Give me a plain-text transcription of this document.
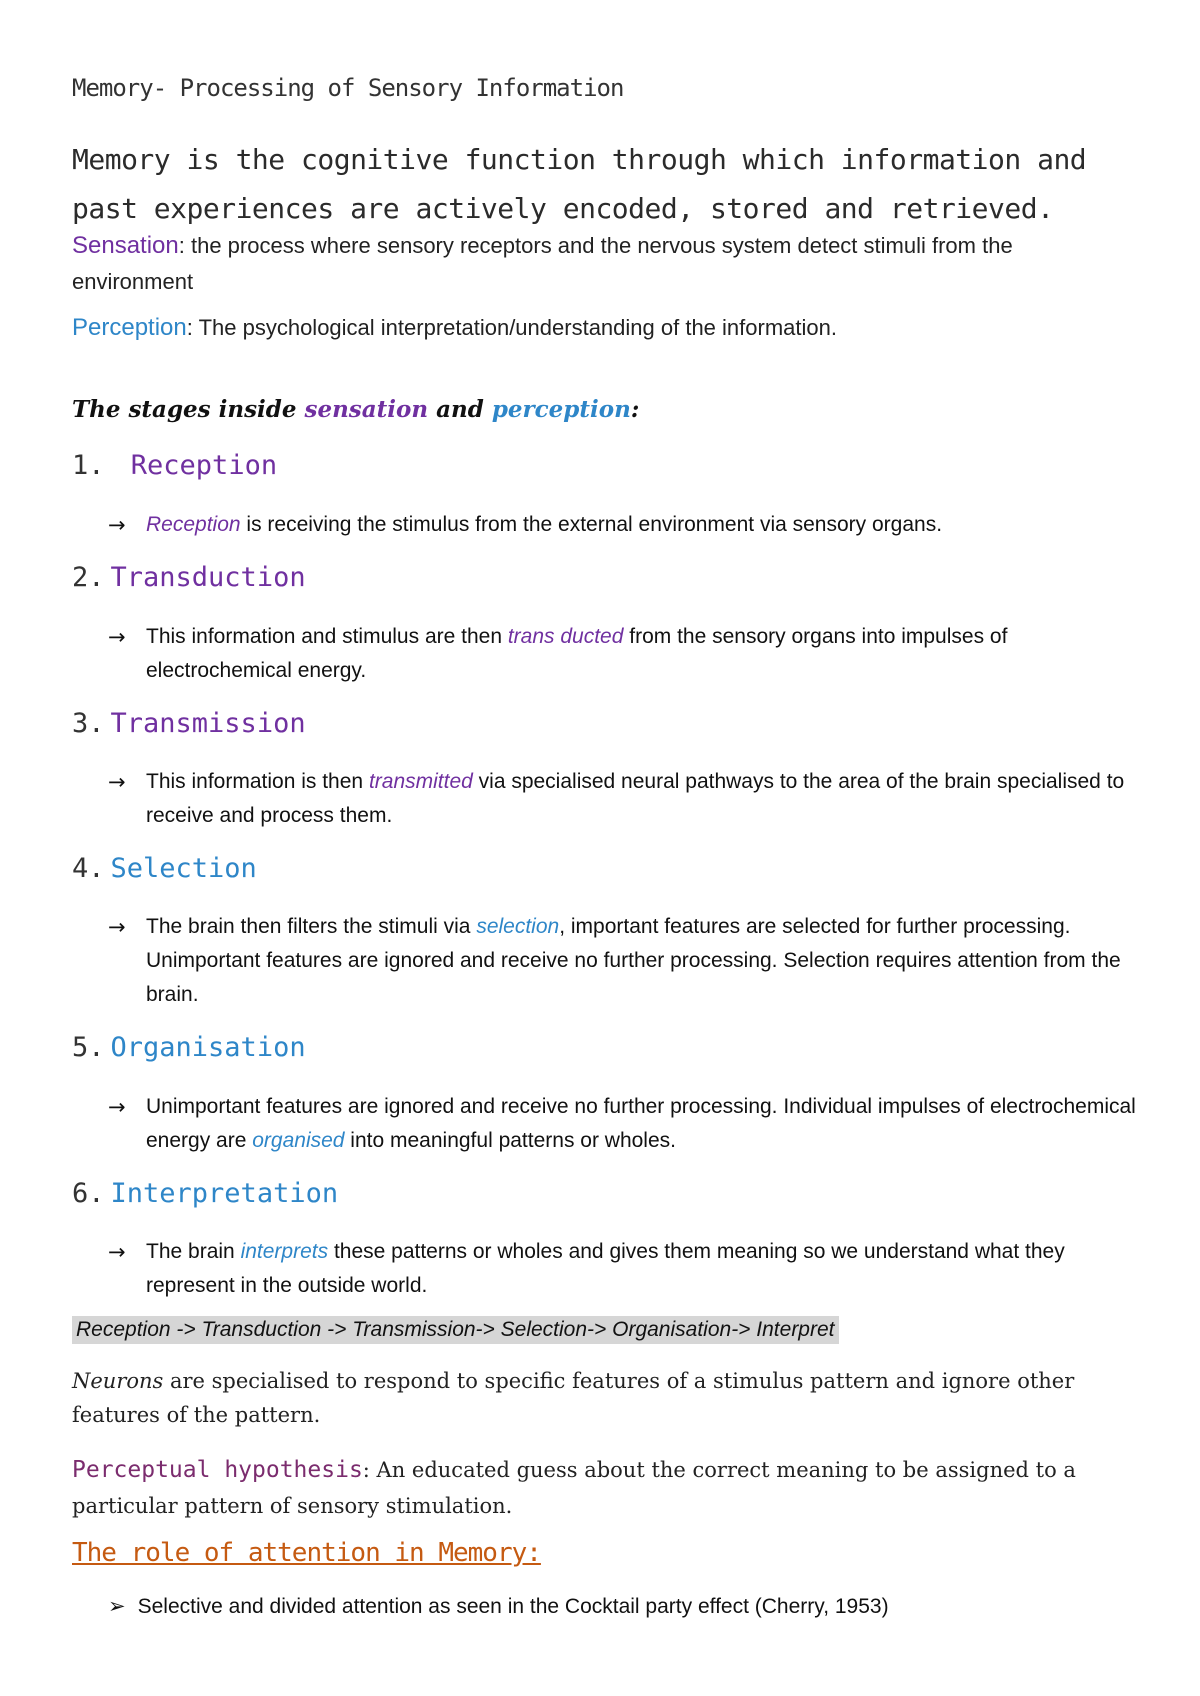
Memory- Processing of Sensory Information
Memory is the cognitive function through which information and past experiences are actively encoded, stored and retrieved.
Sensation: the process where sensory receptors and the nervous system detect stimuli from the environment
Perception: The psychological interpretation/understanding of the information.
The stages inside sensation and perception:
1. Reception
→ Reception is receiving the stimulus from the external environment via sensory organs.
2. Transduction
→ This information and stimulus are then trans ducted from the sensory organs into impulses of electrochemical energy.
3. Transmission
→ This information is then transmitted via specialised neural pathways to the area of the brain specialised to receive and process them.
4. Selection
→ The brain then filters the stimuli via selection, important features are selected for further processing. Unimportant features are ignored and receive no further processing. Selection requires attention from the brain.
5. Organisation
→ Unimportant features are ignored and receive no further processing. Individual impulses of electrochemical energy are organised into meaningful patterns or wholes.
6. Interpretation
→ The brain interprets these patterns or wholes and gives them meaning so we understand what they represent in the outside world.
Reception -> Transduction -> Transmission-> Selection-> Organisation-> Interpret
Neurons are specialised to respond to specific features of a stimulus pattern and ignore other features of the pattern.
Perceptual hypothesis: An educated guess about the correct meaning to be assigned to a particular pattern of sensory stimulation.
The role of attention in Memory:
➢ Selective and divided attention as seen in the Cocktail party effect (Cherry, 1953)
